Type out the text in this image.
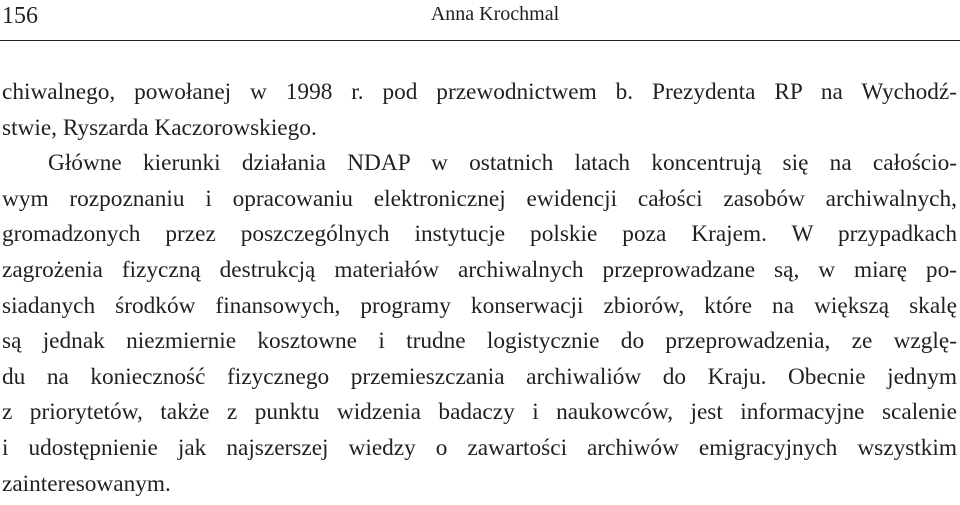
156	Anna Krochmal
chiwalnego, powołanej w 1998 r. pod przewodnictwem b. Prezydenta RP na Wychodź-
stwie, Ryszarda Kaczorowskiego.
Główne kierunki działania NDAP w ostatnich latach koncentrują się na całościo-
wym rozpoznaniu i opracowaniu elektronicznej ewidencji całości zasobów archiwalnych,
gromadzonych przez poszczególnych instytucje polskie poza Krajem. W przypadkach
zagrożenia fizyczną destrukcją materiałów archiwalnych przeprowadzane są, w miarę po-
siadanych środków finansowych, programy konserwacji zbiorów, które na większą skalę
są jednak niezmiernie kosztowne i trudne logistycznie do przeprowadzenia, ze wzglę-
du na konieczność fizycznego przemieszczania archiwaliów do Kraju. Obecnie jednym
z priorytetów, także z punktu widzenia badaczy i naukowców, jest informacyjne scalenie
i udostępnienie jak najszerszej wiedzy o zawartości archiwów emigracyjnych wszystkim
zainteresowanym.
